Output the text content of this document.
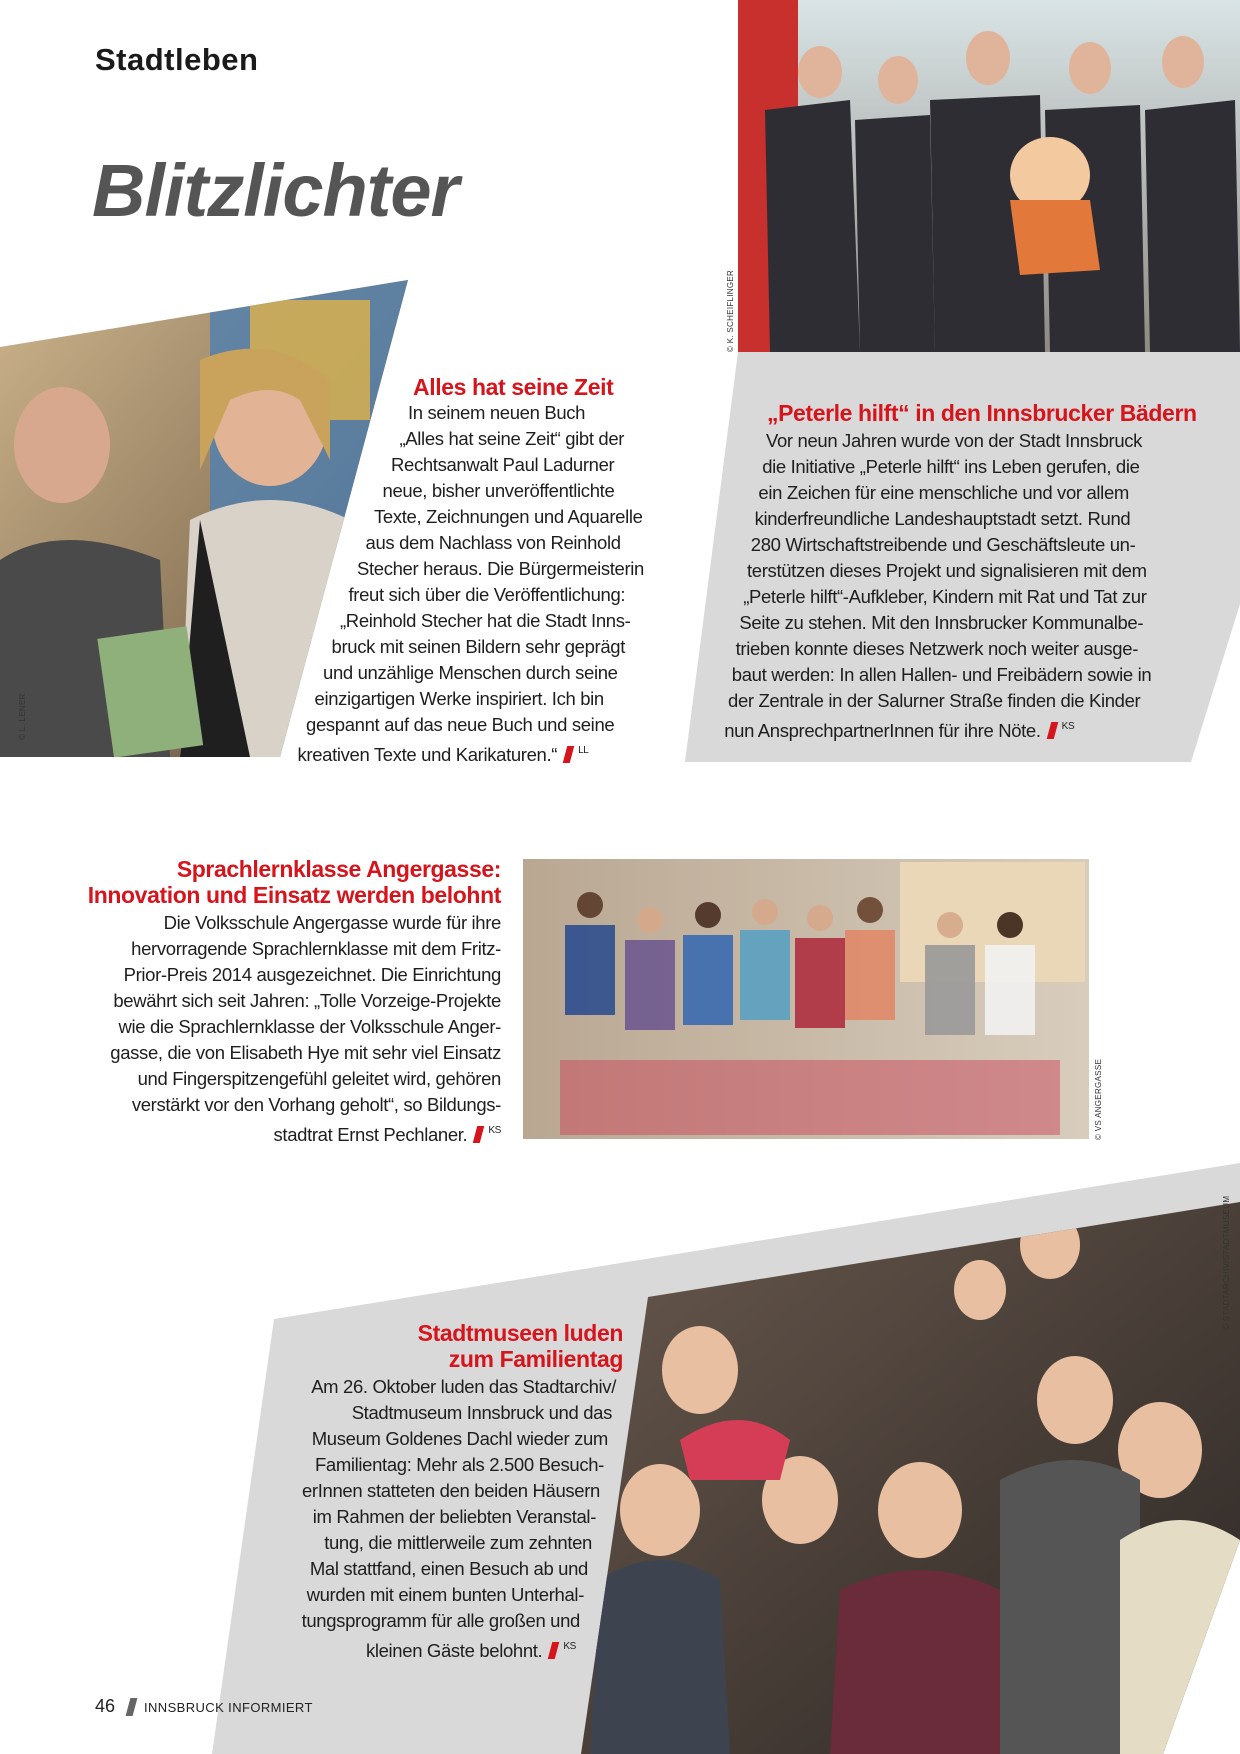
Stadtleben
Blitzlichter
Alles hat seine Zeit
In seinem neuen Buch
„Alles hat seine Zeit“ gibt der
Rechtsanwalt Paul Ladurner
neue, bisher unveröffentlichte
Texte, Zeichnungen und Aquarelle
aus dem Nachlass von Reinhold
Stecher heraus. Die Bürgermeisterin
freut sich über die Veröffentlichung:
„Reinhold Stecher hat die Stadt Inns-
bruck mit seinen Bildern sehr geprägt
und unzählige Menschen durch seine
einzigartigen Werke inspiriert. Ich bin
gespannt auf das neue Buch und seine
kreativen Texte und Karikaturen.“ $^{LL}$
© L. LENER
„Peterle hilft“ in den Innsbrucker Bädern
Vor neun Jahren wurde von der Stadt Innsbruck
die Initiative „Peterle hilft“ ins Leben gerufen, die
ein Zeichen für eine menschliche und vor allem
kinderfreundliche Landeshauptstadt setzt. Rund
280 Wirtschaftstreibende und Geschäftsleute un-
terstützen dieses Projekt und signalisieren mit dem
„Peterle hilft“-Aufkleber, Kindern mit Rat und Tat zur
Seite zu stehen. Mit den Innsbrucker Kommunalbe-
trieben konnte dieses Netzwerk noch weiter ausge-
baut werden: In allen Hallen- und Freibädern sowie in
der Zentrale in der Salurner Straße finden die Kinder
nun AnsprechpartnerInnen für ihre Nöte. $^{KS}$
© K. SCHEIFLINGER
Sprachlernklasse Angergasse:
Innovation und Einsatz werden belohnt
Die Volksschule Angergasse wurde für ihre
hervorragende Sprachlernklasse mit dem Fritz-
Prior-Preis 2014 ausgezeichnet. Die Einrichtung
bewährt sich seit Jahren: „Tolle Vorzeige-Projekte
wie die Sprachlernklasse der Volksschule Anger-
gasse, die von Elisabeth Hye mit sehr viel Einsatz
und Fingerspitzengefühl geleitet wird, gehören
verstärkt vor den Vorhang geholt“, so Bildungs-
stadtrat Ernst Pechlaner. $^{KS}$	© VS ANGERGASSE
Stadtmuseen luden
zum Familientag
Am 26. Oktober luden das Stadtarchiv/
Stadtmuseum Innsbruck und das
Museum Goldenes Dachl wieder zum
Familientag: Mehr als 2.500 Besuch-
erInnen statteten den beiden Häusern
im Rahmen der beliebten Veranstal-
tung, die mittlerweile zum zehnten
Mal stattfand, einen Besuch ab und
wurden mit einem bunten Unterhal-
tungsprogramm für alle großen und
kleinen Gäste belohnt. $^{KS}$
© STADTARCHIV/STADTMUSEUM
46 INNSBRUCK INFORMIERT
